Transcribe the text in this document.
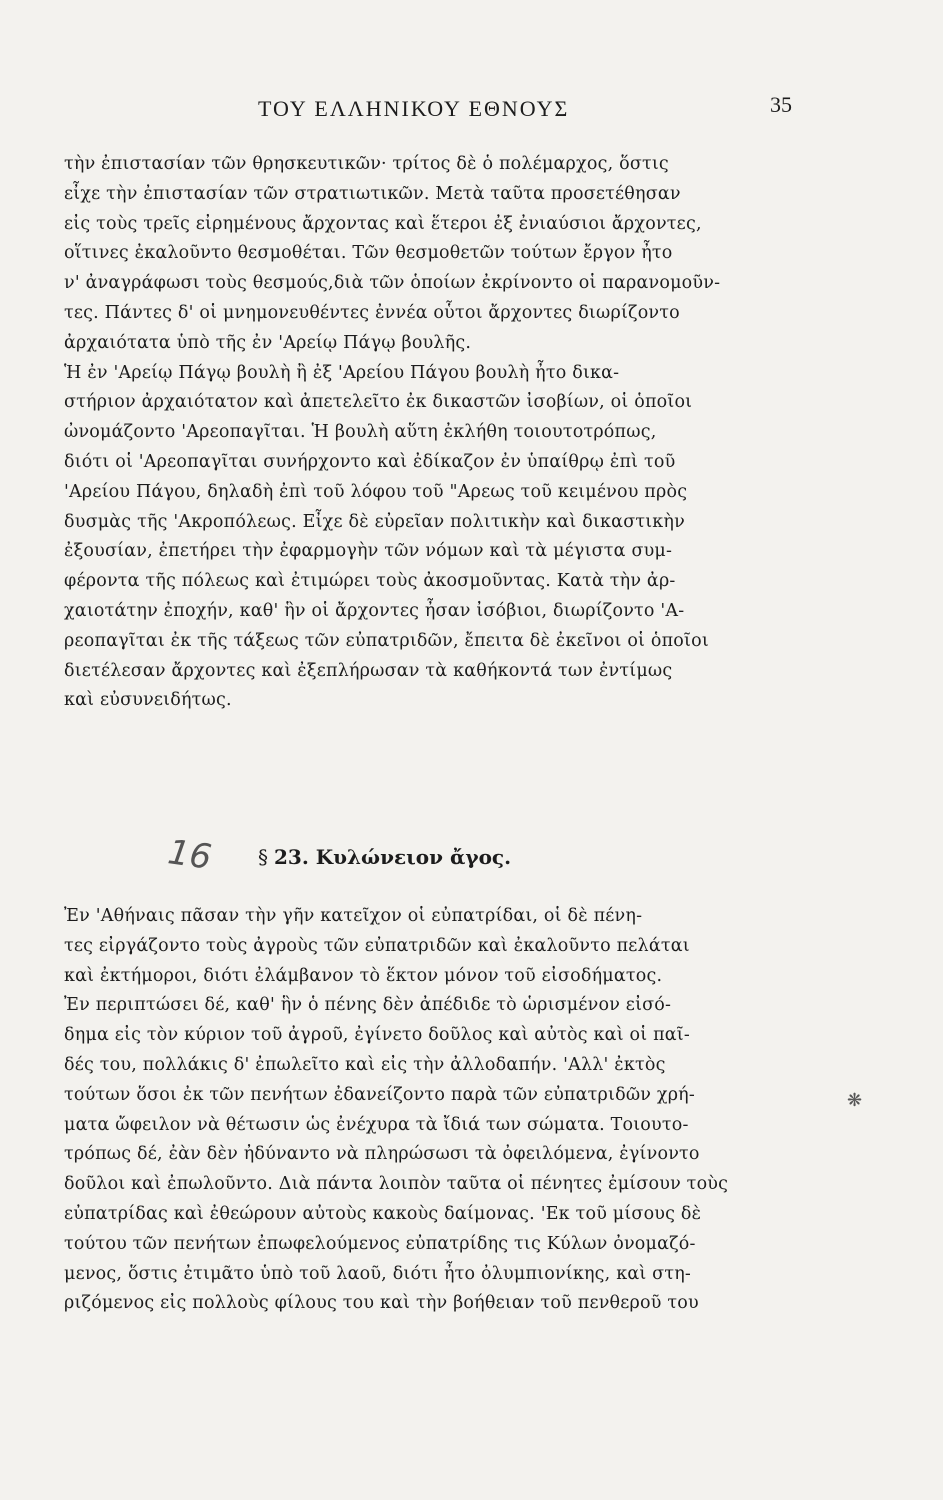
ΤΟΥ ΕΛΛΗΝΙΚΟΥ ΕΘΝΟΥΣ	35
τὴν ἐπιστασίαν τῶν θρησκευτικῶν· τρίτος δὲ ὁ πολέμαρχος, ὅστις
εἶχε τὴν ἐπιστασίαν τῶν στρατιωτικῶν. Μετὰ ταῦτα προσετέθησαν
εἰς τοὺς τρεῖς εἰρημένους ἄρχοντας καὶ ἕτεροι ἐξ ἐνιαύσιοι ἄρχοντες,
οἵτινες ἐκαλοῦντο θεσμοθέται. Τῶν θεσμοθετῶν τούτων ἔργον ἦτο
ν' ἀναγράφωσι τοὺς θεσμούς,διὰ τῶν ὁποίων ἐκρίνοντο οἱ παρανομοῦν-
τες. Πάντες δ' οἱ μνημονευθέντες ἐννέα οὗτοι ἄρχοντες διωρίζοντο
ἀρχαιότατα ὑπὸ τῆς ἐν 'Αρείῳ Πάγῳ βουλῆς.
Ἡ ἐν 'Αρείῳ Πάγῳ βουλὴ ἢ ἐξ 'Αρείου Πάγου βουλὴ ἦτο δικα-
στήριον ἀρχαιότατον καὶ ἀπετελεῖτο ἐκ δικαστῶν ἰσοβίων, οἱ ὁποῖοι
ὠνομάζοντο 'Αρεοπαγῖται. Ἡ βουλὴ αὕτη ἐκλήθη τοιουτοτρόπως,
διότι οἱ 'Αρεοπαγῖται συνήρχοντο καὶ ἐδίκαζον ἐν ὑπαίθρῳ ἐπὶ τοῦ
'Αρείου Πάγου, δηλαδὴ ἐπὶ τοῦ λόφου τοῦ "Αρεως τοῦ κειμένου πρὸς
δυσμὰς τῆς 'Ακροπόλεως. Εἶχε δὲ εὐρεῖαν πολιτικὴν καὶ δικαστικὴν
ἐξουσίαν, ἐπετήρει τὴν ἐφαρμογὴν τῶν νόμων καὶ τὰ μέγιστα συμ-
φέροντα τῆς πόλεως καὶ ἐτιμώρει τοὺς ἀκοσμοῦντας. Κατὰ τὴν ἀρ-
χαιοτάτην ἐποχήν, καθ' ἣν οἱ ἄρχοντες ἦσαν ἰσόβιοι, διωρίζοντο 'Α-
ρεοπαγῖται ἐκ τῆς τάξεως τῶν εὐπατριδῶν, ἔπειτα δὲ ἐκεῖνοι οἱ ὁποῖοι
διετέλεσαν ἄρχοντες καὶ ἐξεπλήρωσαν τὰ καθήκοντά των ἐντίμως
καὶ εὐσυνειδήτως.
16 § 23. Κυλώνειον ἄγος.
Ἐν 'Αθήναις πᾶσαν τὴν γῆν κατεῖχον οἱ εὐπατρίδαι, οἱ δὲ πένη-
τες εἰργάζοντο τοὺς ἀγροὺς τῶν εὐπατριδῶν καὶ ἐκαλοῦντο πελάται
καὶ ἐκτήμοροι, διότι ἐλάμβανον τὸ ἕκτον μόνον τοῦ εἰσοδήματος.
Ἐν περιπτώσει δέ, καθ' ἣν ὁ πένης δὲν ἀπέδιδε τὸ ὡρισμένον εἰσό-
δημα εἰς τὸν κύριον τοῦ ἀγροῦ, ἐγίνετο δοῦλος καὶ αὐτὸς καὶ οἱ παῖ-
δές του, πολλάκις δ' ἐπωλεῖτο καὶ εἰς τὴν ἀλλοδαπήν. 'Αλλ' ἐκτὸς
τούτων ὅσοι ἐκ τῶν πενήτων ἐδανείζοντο παρὰ τῶν εὐπατριδῶν χρή-
ματα ὤφειλον νὰ θέτωσιν ὡς ἐνέχυρα τὰ ἴδιά των σώματα. Τοιουτο-
τρόπως δέ, ἐὰν δὲν ἠδύναντο νὰ πληρώσωσι τὰ ὀφειλόμενα, ἐγίνοντο
δοῦλοι καὶ ἐπωλοῦντο. Διὰ πάντα λοιπὸν ταῦτα οἱ πένητες ἐμίσουν τοὺς
εὐπατρίδας καὶ ἐθεώρουν αὐτοὺς κακοὺς δαίμονας. 'Εκ τοῦ μίσους δὲ
τούτου τῶν πενήτων ἐπωφελούμενος εὐπατρίδης τις Κύλων ὀνομαζό-
μενος, ὅστις ἐτιμᾶτο ὑπὸ τοῦ λαοῦ, διότι ἦτο ὀλυμπιονίκης, καὶ στη-
ριζόμενος εἰς πολλοὺς φίλους του καὶ τὴν βοήθειαν τοῦ πενθεροῦ του
❋
